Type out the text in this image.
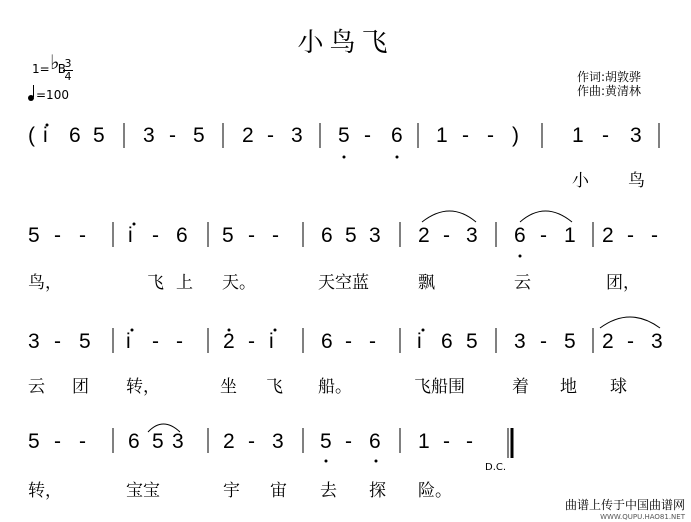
小鸟飞
1= B
♭ 3
4
=100
作词:胡敦骅
作曲:黄清林
( i 6 5 3 - 5 2 - 3 5 - 6 1 - - )	1 - 3
小 鸟
5 - - i - 6 5 - - 6 5 3 2 - 3 6 - 1 2 - -
鸟，	飞 上 天。	天空蓝	飘	云	团，
3 - 5 i - - 2 - i 6 - - i 6 5 3 - 5 2 - 3
云 团 转，	坐 飞 船。	飞船围	着 地 球
5 - - 6 5 3 2 - 3 5 - 6 1 - -
转，	宝宝	宇 宙 去 探 险。
D.C.
曲谱上传于中国曲谱网
WWW.QUPU.HAO81.NET
